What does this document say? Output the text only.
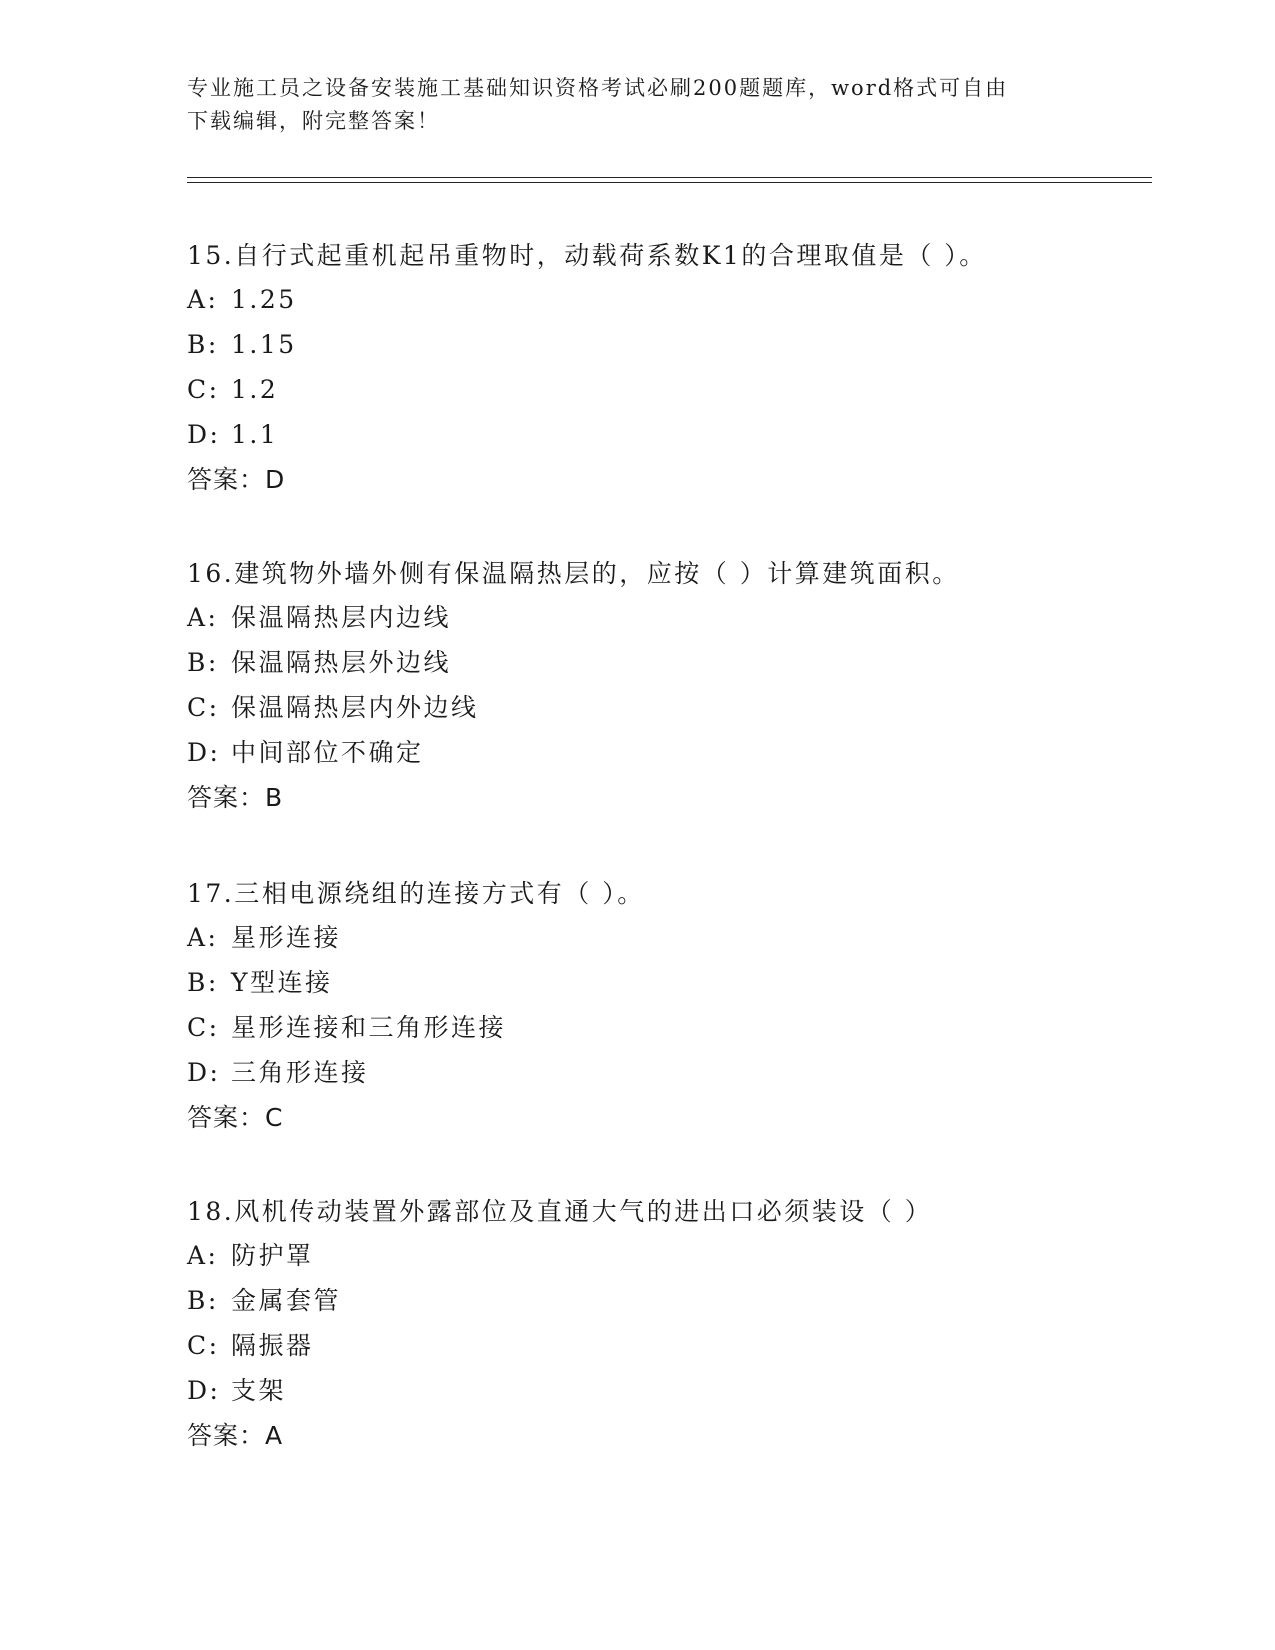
专业施工员之设备安装施工基础知识资格考试必刷200题题库，word格式可自由
下载编辑，附完整答案！
15.自行式起重机起吊重物时，动载荷系数K1的合理取值是（ ）。
A: 1.25
B: 1.15
C: 1.2
D: 1.1
答案：D
16.建筑物外墙外侧有保温隔热层的，应按（ ）计算建筑面积。
A: 保温隔热层内边线
B: 保温隔热层外边线
C: 保温隔热层内外边线
D: 中间部位不确定
答案：B
17.三相电源绕组的连接方式有（ ）。
A: 星形连接
B: Y型连接
C: 星形连接和三角形连接
D: 三角形连接
答案：C
18.风机传动装置外露部位及直通大气的进出口必须装设（ ）
A: 防护罩
B: 金属套管
C: 隔振器
D: 支架
答案：A
